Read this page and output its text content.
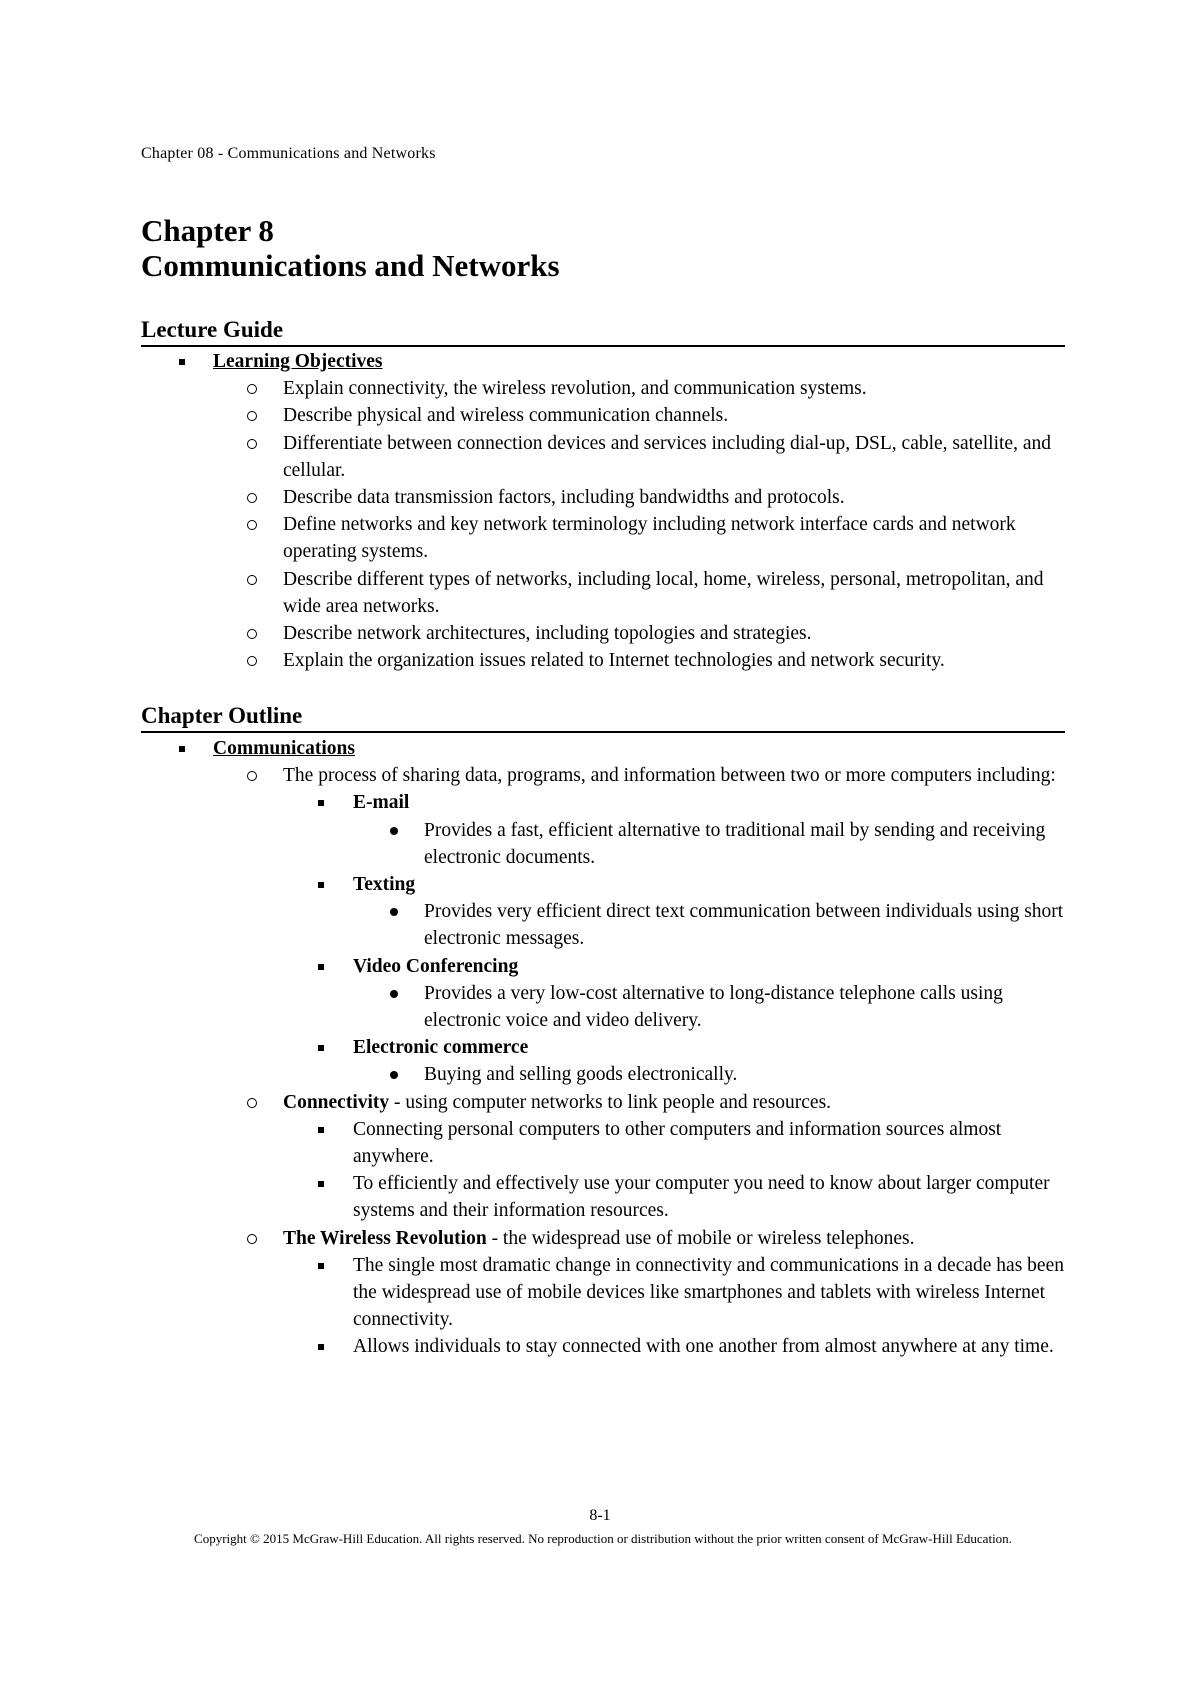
Chapter 08 - Communications and Networks
Chapter 8
Communications and Networks
Lecture Guide
Learning Objectives
Explain connectivity, the wireless revolution, and communication systems.
Describe physical and wireless communication channels.
Differentiate between connection devices and services including dial-up, DSL, cable, satellite, and cellular.
Describe data transmission factors, including bandwidths and protocols.
Define networks and key network terminology including network interface cards and network operating systems.
Describe different types of networks, including local, home, wireless, personal, metropolitan, and wide area networks.
Describe network architectures, including topologies and strategies.
Explain the organization issues related to Internet technologies and network security.
Chapter Outline
Communications
The process of sharing data, programs, and information between two or more computers including:
E-mail
Provides a fast, efficient alternative to traditional mail by sending and receiving electronic documents.
Texting
Provides very efficient direct text communication between individuals using short electronic messages.
Video Conferencing
Provides a very low-cost alternative to long-distance telephone calls using electronic voice and video delivery.
Electronic commerce
Buying and selling goods electronically.
Connectivity - using computer networks to link people and resources.
Connecting personal computers to other computers and information sources almost anywhere.
To efficiently and effectively use your computer you need to know about larger computer systems and their information resources.
The Wireless Revolution - the widespread use of mobile or wireless telephones.
The single most dramatic change in connectivity and communications in a decade has been the widespread use of mobile devices like smartphones and tablets with wireless Internet connectivity.
Allows individuals to stay connected with one another from almost anywhere at any time.
8-1
Copyright © 2015 McGraw-Hill Education. All rights reserved. No reproduction or distribution without the prior written consent of McGraw-Hill Education.
